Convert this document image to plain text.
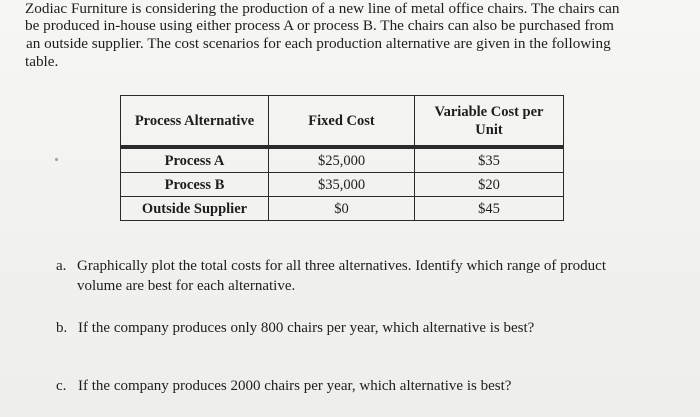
Zodiac Furniture is considering the production of a new line of metal office chairs. The chairs can
be produced in-house using either process A or process B. The chairs can also be purchased from
an outside supplier. The cost scenarios for each production alternative are given in the following
table.

Process Alternative	Fixed Cost	Variable Cost per
Unit

Process A	$25,000	$35
Process B	$35,000	$20
Outside Supplier	$0	$45
a. Graphically plot the total costs for all three alternatives. Identify which range of product
volume are best for each alternative.
b. If the company produces only 800 chairs per year, which alternative is best?
c. If the company produces 2000 chairs per year, which alternative is best?
